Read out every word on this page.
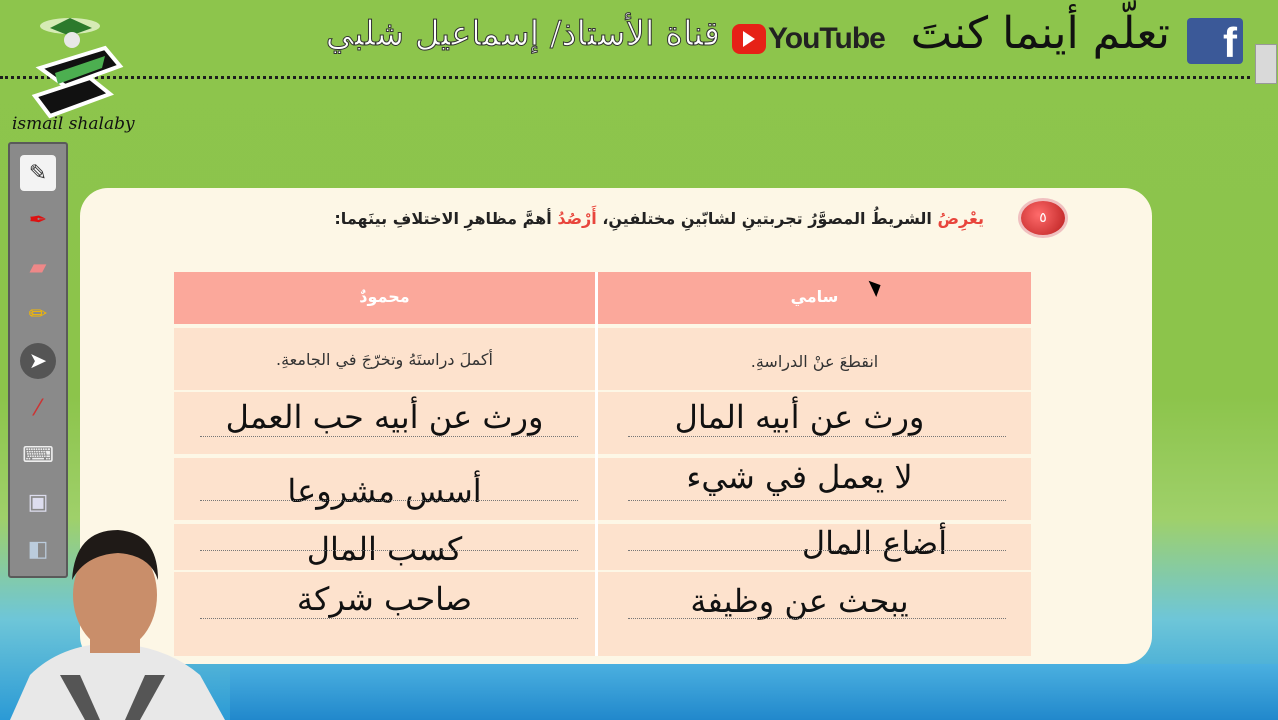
ismail shalaby
تعلّم أينما كنتَ
قناة الأستاذ/ إسماعيل شلبي YouTube	f
✎
✒
▰
✏
➤
⁄
⌨
▣
◧
٥
يعْرِضُ الشريطُ المصوَّرُ تجربتينِ لشابّينِ مختلفينِ، أَرْصُدُ أهمَّ مظاهرِ الاختلافِ بينَهما:
محمودٌ	سامي
أكملَ دراستَهُ وتخرّجَ في الجامعةِ.	انقطعَ عنْ الدراسةِ.
ورث عن أبيه حب العمل	ورث عن أبيه المال
أسس مشروعا	لا يعمل في شيء
كسب المال	أضاع المال
صاحب شركة	يبحث عن وظيفة
